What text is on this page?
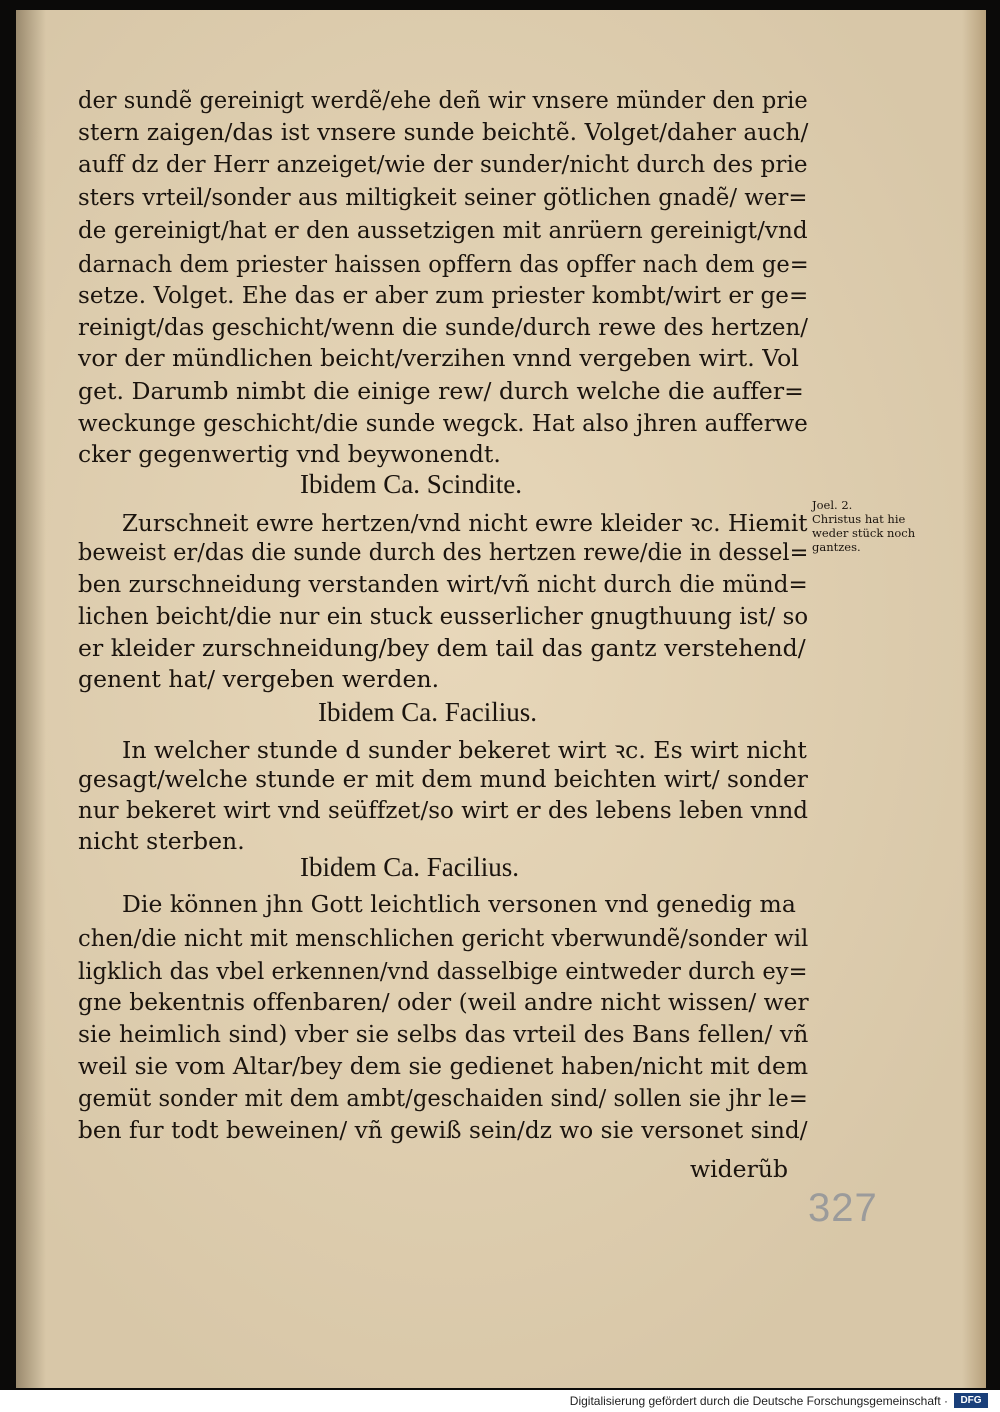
der sundẽ gereinigt werdẽ/ehe deñ wir vnsere münder den prie
stern zaigen/das ist vnsere sunde beichtẽ. Volget/daher auch/
auff dz der Herr anzeiget/wie der sunder/nicht durch des prie
sters vrteil/sonder aus miltigkeit seiner götlichen gnadẽ/ wer=
de gereinigt/hat er den aussetzigen mit anrüern gereinigt/vnd
darnach dem priester haissen opffern das opffer nach dem ge=
setze. Volget. Ehe das er aber zum priester kombt/wirt er ge=
reinigt/das geschicht/wenn die sunde/durch rewe des hertzen/
vor der mündlichen beicht/verzihen vnnd vergeben wirt. Vol
get. Darumb nimbt die einige rew/ durch welche die auffer=
weckunge geschicht/die sunde wegck. Hat also jhren aufferwe
cker gegenwertig vnd beywonendt.
Ibidem Ca. Scindite.
Zurschneit ewre hertzen/vnd nicht ewre kleider ꝛc. Hiemit
beweist er/das die sunde durch des hertzen rewe/die in dessel=
ben zurschneidung verstanden wirt/vñ nicht durch die münd=
lichen beicht/die nur ein stuck eusserlicher gnugthuung ist/ so
er kleider zurschneidung/bey dem tail das gantz verstehend/
genent hat/ vergeben werden.
Joel. 2.
Christus hat hie
weder stück noch
gantzes.
Ibidem Ca. Facilius.
In welcher stunde d sunder bekeret wirt ꝛc. Es wirt nicht
gesagt/welche stunde er mit dem mund beichten wirt/ sonder
nur bekeret wirt vnd seüffzet/so wirt er des lebens leben vnnd
nicht sterben.
Ibidem Ca. Facilius.
Die können jhn Gott leichtlich versonen vnd genedig ma
chen/die nicht mit menschlichen gericht vberwundẽ/sonder wil
ligklich das vbel erkennen/vnd dasselbige eintweder durch ey=
gne bekentnis offenbaren/ oder (weil andre nicht wissen/ wer
sie heimlich sind) vber sie selbs das vrteil des Bans fellen/ vñ
weil sie vom Altar/bey dem sie gedienet haben/nicht mit dem
gemüt sonder mit dem ambt/geschaiden sind/ sollen sie jhr le=
ben fur todt beweinen/ vñ gewiß sein/dz wo sie versonet sind/
widerũb
327
Digitalisierung gefördert durch die Deutsche Forschungsgemeinschaft ·	DFG
